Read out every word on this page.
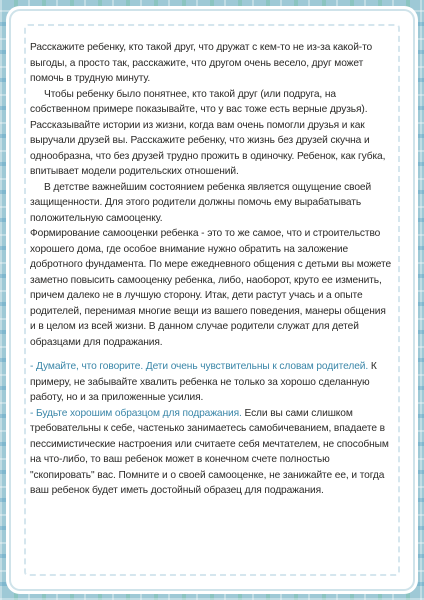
Расскажите ребенку, кто такой друг, что дружат с кем-то не из-за какой-то выгоды, а просто так, расскажите, что другом очень весело, друг может помочь в трудную минуту.

Чтобы ребенку было понятнее, кто такой друг (или подруга, на собственном примере показывайте, что у вас тоже есть верные друзья). Рассказывайте истории из жизни, когда вам очень помогли друзья и как выручали друзей вы. Расскажите ребенку, что жизнь без друзей скучна и однообразна, что без друзей трудно прожить в одиночку. Ребенок, как губка, впитывает модели родительских отношений.

В детстве важнейшим состоянием ребенка является ощущение своей защищенности. Для этого родители должны помочь ему вырабатывать положительную самооценку.

Формирование самооценки ребенка - это то же самое, что и строительство хорошего дома, где особое внимание нужно обратить на заложение добротного фундамента. По мере ежедневного общения с детьми вы можете заметно повысить самооценку ребенка, либо, наоборот, круто ее изменить, причем далеко не в лучшую сторону. Итак, дети растут учась и а опыте родителей, перенимая многие вещи из вашего поведения, манеры общения и в целом из всей жизни. В данном случае родители служат для детей образцами для подражания.

- Думайте, что говорите. Дети очень чувствительны к словам родителей. К примеру, не забывайте хвалить ребенка не только за хорошо сделанную работу, но и за приложенные усилия.

- Будьте хорошим образцом для подражания. Если вы сами слишком требовательны к себе, частенько занимаетесь самобичеванием, впадаете в пессимистические настроения или считаете себя мечтателем, не способным на что-либо, то ваш ребенок может в конечном счете полностью "скопировать" вас. Помните и о своей самооценке, не занижайте ее, и тогда ваш ребенок будет иметь достойный образец для подражания.
